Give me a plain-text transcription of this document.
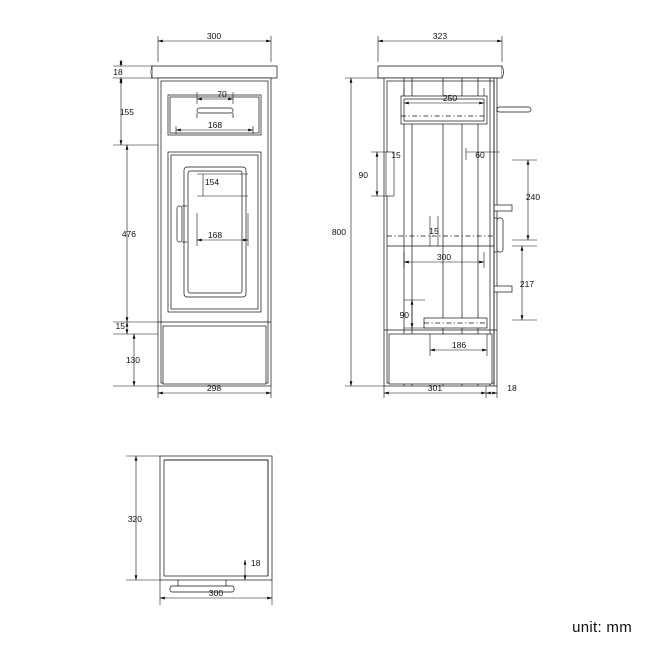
300
18
155
70
168
476
154
168
15
130
298
323
250
90
15	60
240
800	15
300
217
90
186
301	18
320
18
300
unit: mm
